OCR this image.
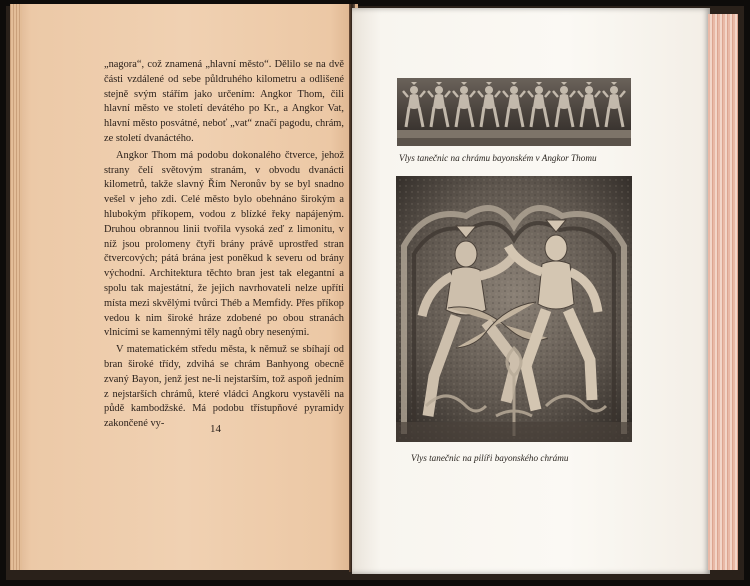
„nagora“, což znamená „hlavní město“. Dělilo se na dvě části vzdálené od sebe půldruhého kilometru a odlišené stejně svým stářím jako určením: Angkor Thom, čili hlavní město ve století devátého po Kr., a Angkor Vat, hlavní město posvátné, neboť „vat“ značí pagodu, chrám, ze století dvanáctého.

Angkor Thom má podobu dokonalého čtverce, jehož strany čelí světovým stranám, v obvodu dvanácti kilometrů, takže slavný Řím Neronův by se byl snadno vešel v jeho zdi. Celé město bylo obehnáno širokým a hlubokým příkopem, vodou z blízké řeky napájeným. Druhou obrannou linii tvořila vysoká zeď z limonitu, v níž jsou prolomeny čtyři brány právě uprostřed stran čtvercových; pátá brána jest poněkud k severu od brány východní. Architektura těchto bran jest tak elegantní a spolu tak majestátní, že jejich navrhovateli nelze upříti místa mezi skvělými tvůrci Théb a Memfidy. Přes příkop vedou k nim široké hráze zdobené po obou stranách vlnicími se kamennými těly nagů obry nesenými.

V matematickém středu města, k němuž se sbíhají od bran široké třídy, zdvihá se chrám Banhyong obecně zvaný Bayon, jenž jest ne-li nejstarším, tož aspoň jedním z nejstarších chrámů, které vládci Angkoru vystavěli na půdě kambodžské. Má podobu třístupňové pyramidy zakončené vy-	14
Vlys tanečnic na chrámu bayonském v Angkor Thomu
Vlys tanečnic na pilíři bayonského chrámu
